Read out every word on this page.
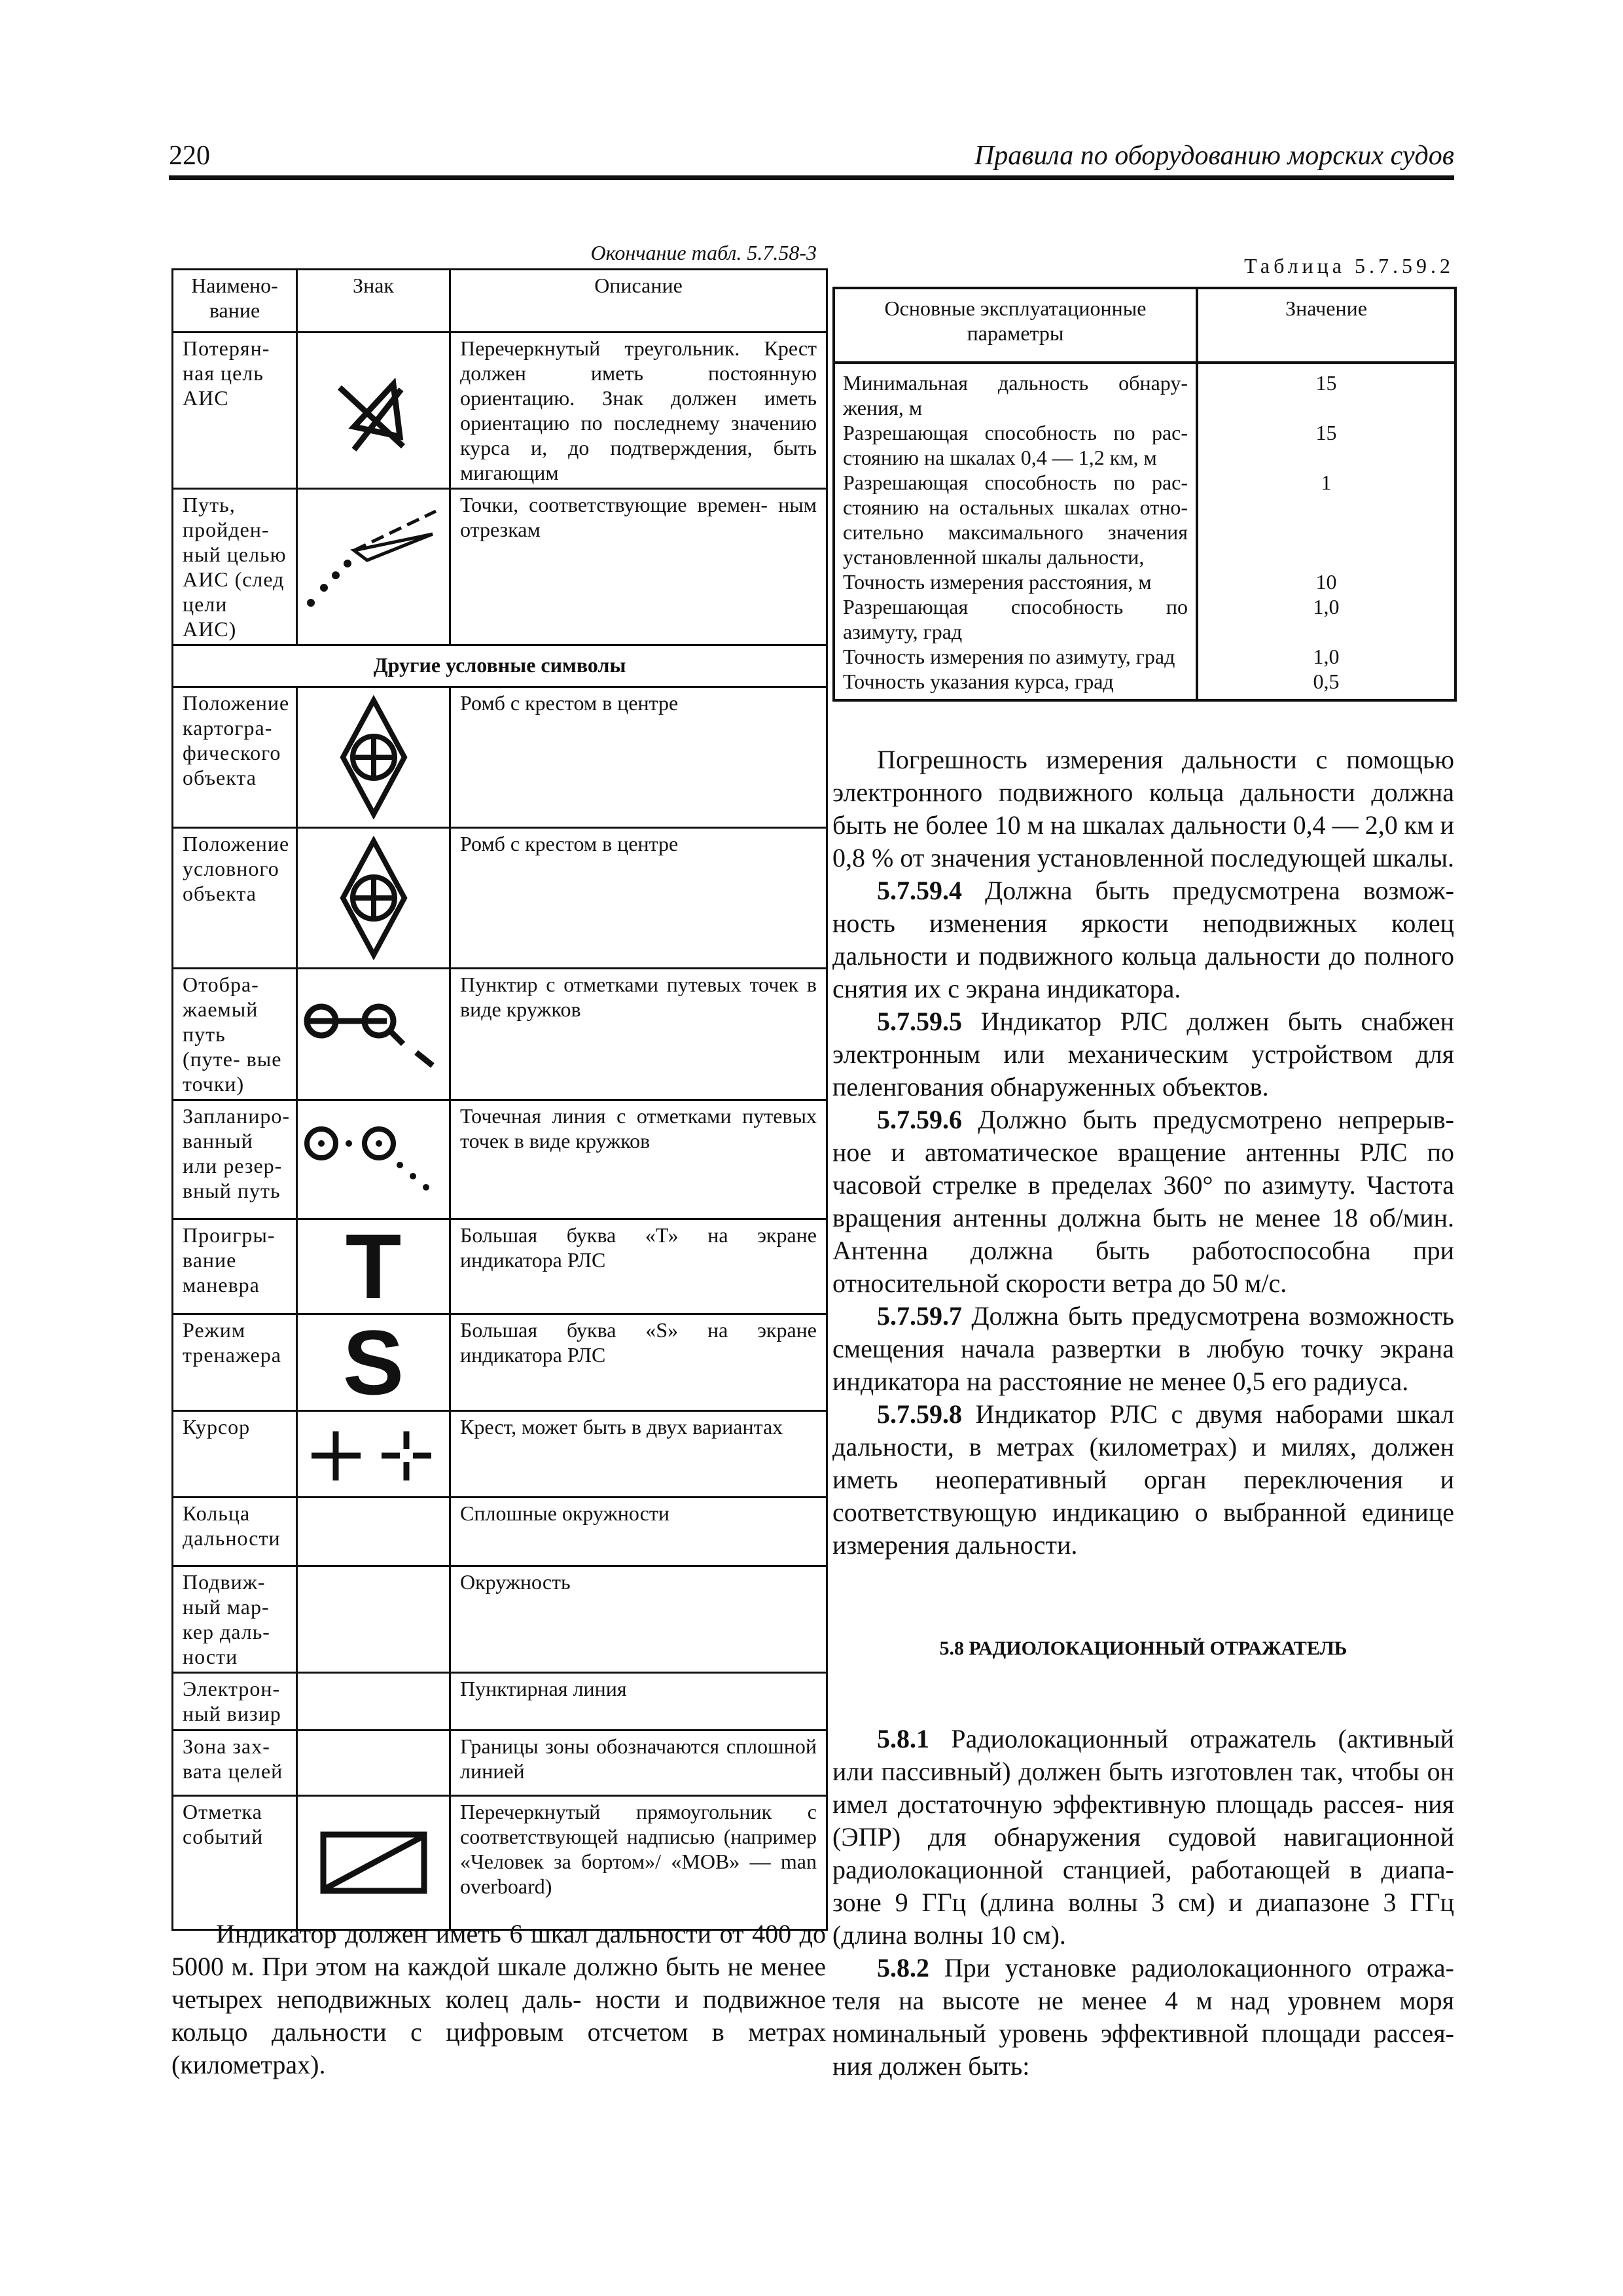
220	Правила по оборудованию морских судов
Окончание табл. 5.7.58-3
Наимено- вание	Знак	Описание
Потерян- ная цель АИС		Перечеркнутый треугольник. Крест должен иметь постоянную ориентацию. Знак должен иметь ориентацию по последнему значению курса и, до подтверждения, быть мигающим
Путь, пройден- ный целью АИС (след цели АИС)		Точки, соответствующие времен- ным отрезкам
Другие условные символы		
Положение картогра- фического объекта		Ромб с крестом в центре
Положение условного объекта		Ромб с крестом в центре
Отобра- жаемый путь (путе- вые точки)		Пунктир с отметками путевых точек в виде кружков
Запланиро- ванный или резер- вный путь		Точечная линия с отметками путевых точек в виде кружков
Проигры- вание маневра	T	Большая буква «Т» на экране индикатора РЛС
Режим тренажера	S	Большая буква «S» на экране индикатора РЛС
Курсор		Крест, может быть в двух вариантах
Кольца дальности		Сплошные окружности
Подвиж- ный мар- кер даль- ности		Окружность
Электрон- ный визир		Пунктирная линия
Зона зах- вата целей		Границы зоны обозначаются сплошной линией
Отметка событий		Перечеркнутый прямоугольник с соответствующей надписью (например «Человек за бортом»/ «МОВ» — man overboard)

Индикатор должен иметь 6 шкал дальности от 400 до 5000 м. При этом на каждой шкале должно быть не менее четырех неподвижных колец даль- ности и подвижное кольцо дальности с цифровым отсчетом в метрах (километрах).

Таблица 5.7.59.2
Основные эксплуатационные параметры	Значение
Минимальная дальность обнару- жения, м	15
Разрешающая способность по рас- стоянию на шкалах 0,4 — 1,2 км, м	15
Разрешающая способность по рас- стоянию на остальных шкалах отно- сительно максимального значения установленной шкалы дальности,	1
Точность измерения расстояния, м	10
Разрешающая способность по азимуту, град	1,0
Точность измерения по азимуту, град	1,0
Точность указания курса, град	0,5

Погрешность измерения дальности с помощью электронного подвижного кольца дальности должна быть не более 10 м на шкалах дальности 0,4 — 2,0 км и 0,8 % от значения установленной последующей шкалы.

5.7.59.4 Должна быть предусмотрена возмож- ность изменения яркости неподвижных колец дальности и подвижного кольца дальности до полного снятия их с экрана индикатора.

5.7.59.5 Индикатор РЛС должен быть снабжен электронным или механическим устройством для пеленгования обнаруженных объектов.

5.7.59.6 Должно быть предусмотрено непрерыв- ное и автоматическое вращение антенны РЛС по часовой стрелке в пределах 360° по азимуту. Частота вращения антенны должна быть не менее 18 об/мин. Антенна должна быть работоспособна при относительной скорости ветра до 50 м/с.

5.7.59.7 Должна быть предусмотрена возможность смещения начала развертки в любую точку экрана индикатора на расстояние не менее 0,5 его радиуса.

5.7.59.8 Индикатор РЛС с двумя наборами шкал дальности, в метрах (километрах) и милях, должен иметь неоперативный орган переключения и соответствующую индикацию о выбранной единице измерения дальности.

5.8 РАДИОЛОКАЦИОННЫЙ ОТРАЖАТЕЛЬ

5.8.1 Радиолокационный отражатель (активный или пассивный) должен быть изготовлен так, чтобы он имел достаточную эффективную площадь рассея- ния (ЭПР) для обнаружения судовой навигационной радиолокационной станцией, работающей в диапа- зоне 9 ГГц (длина волны 3 см) и диапазоне 3 ГГц (длина волны 10 см).

5.8.2 При установке радиолокационного отража- теля на высоте не менее 4 м над уровнем моря номинальный уровень эффективной площади рассея- ния должен быть:
